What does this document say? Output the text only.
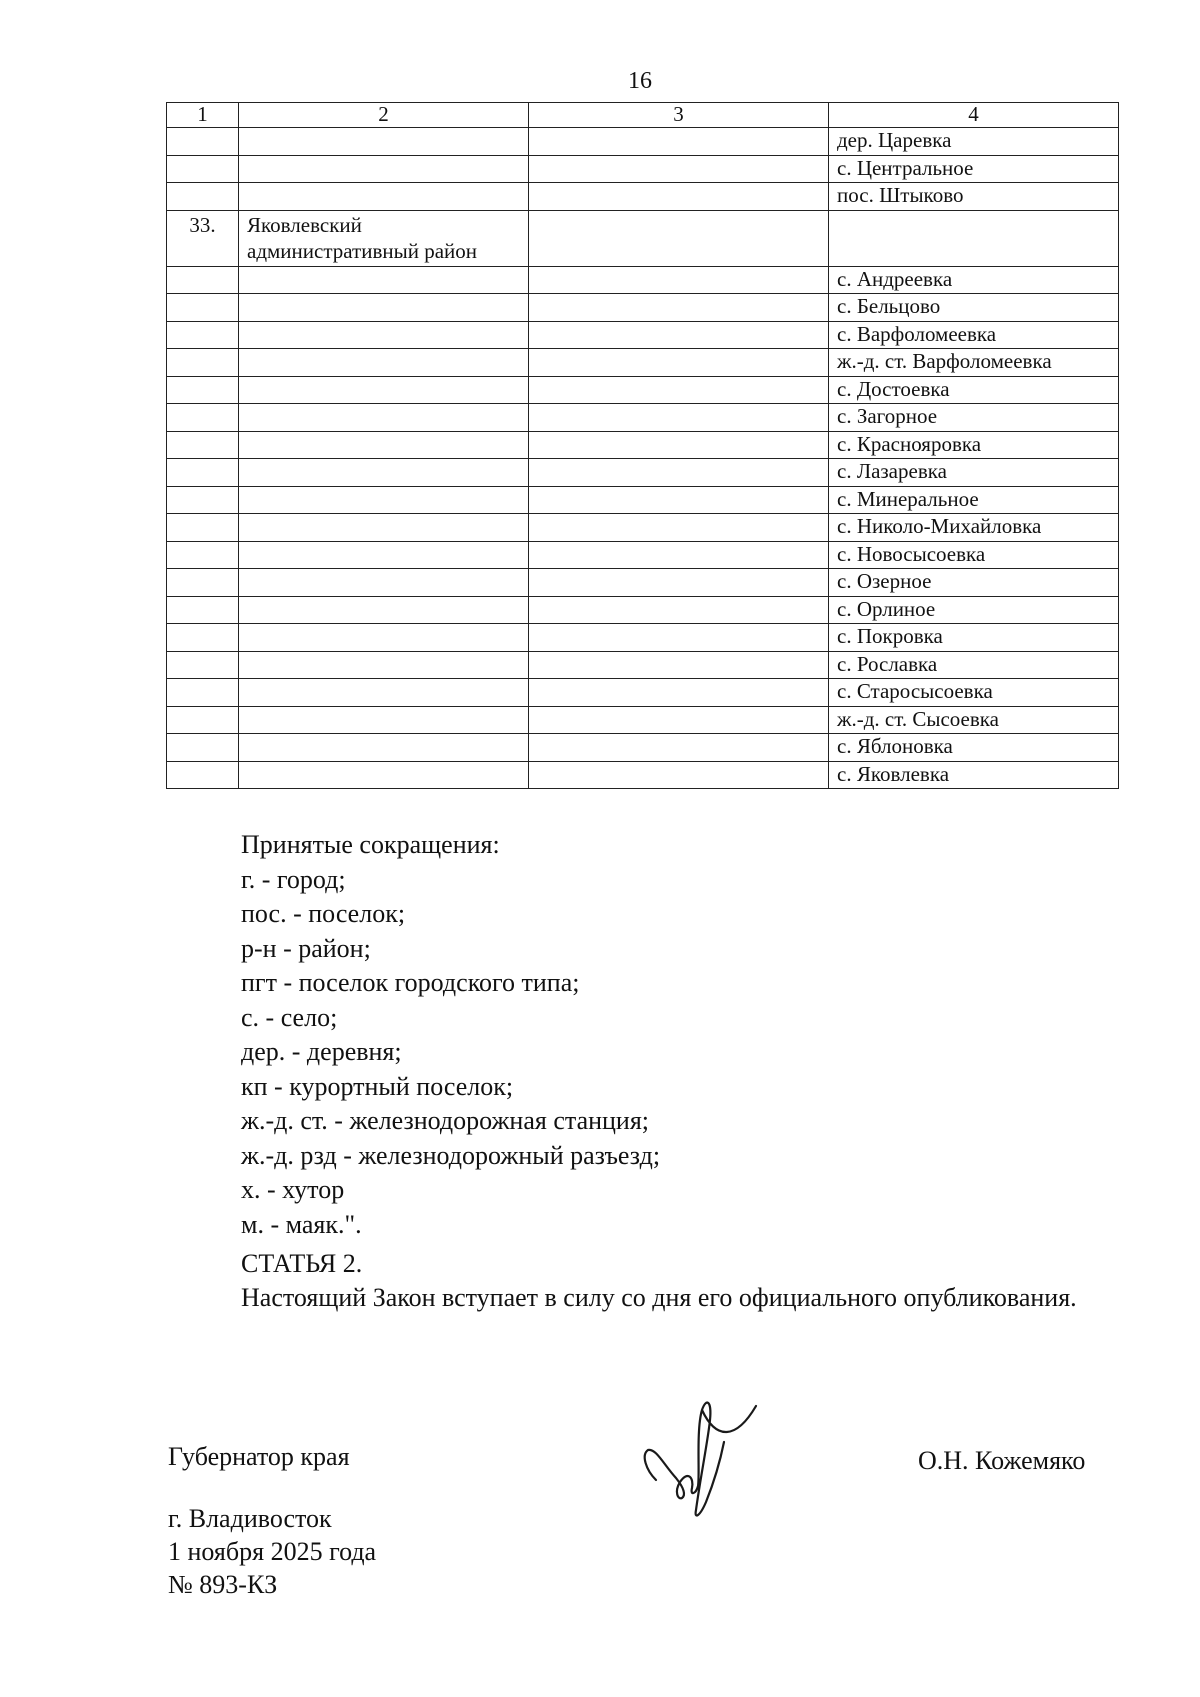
16
1	2	3	4
			дер. Царевка
			с. Центральное
			пос. Штыково
33.	Яковлевский административный район		
			с. Андреевка
			с. Бельцово
			с. Варфоломеевка
			ж.-д. ст. Варфоломеевка
			с. Достоевка
			с. Загорное
			с. Краснояровка
			с. Лазаревка
			с. Минеральное
			с. Николо-Михайловка
			с. Новосысоевка
			с. Озерное
			с. Орлиное
			с. Покровка
			с. Рославка
			с. Старосысоевка
			ж.-д. ст. Сысоевка
			с. Яблоновка
			с. Яковлевка
Принятые сокращения:
г. - город;
пос. - поселок;
р-н - район;
пгт - поселок городского типа;
с. - село;
дер. - деревня;
кп - курортный поселок;
ж.-д. ст. - железнодорожная станция;
ж.-д. рзд - железнодорожный разъезд;
х. - хутор
м. - маяк.".
СТАТЬЯ 2.
Настоящий Закон вступает в силу со дня его официального опубликования.
Губернатор края	О.Н. Кожемяко
г. Владивосток
1 ноября 2025 года
№ 893-КЗ
